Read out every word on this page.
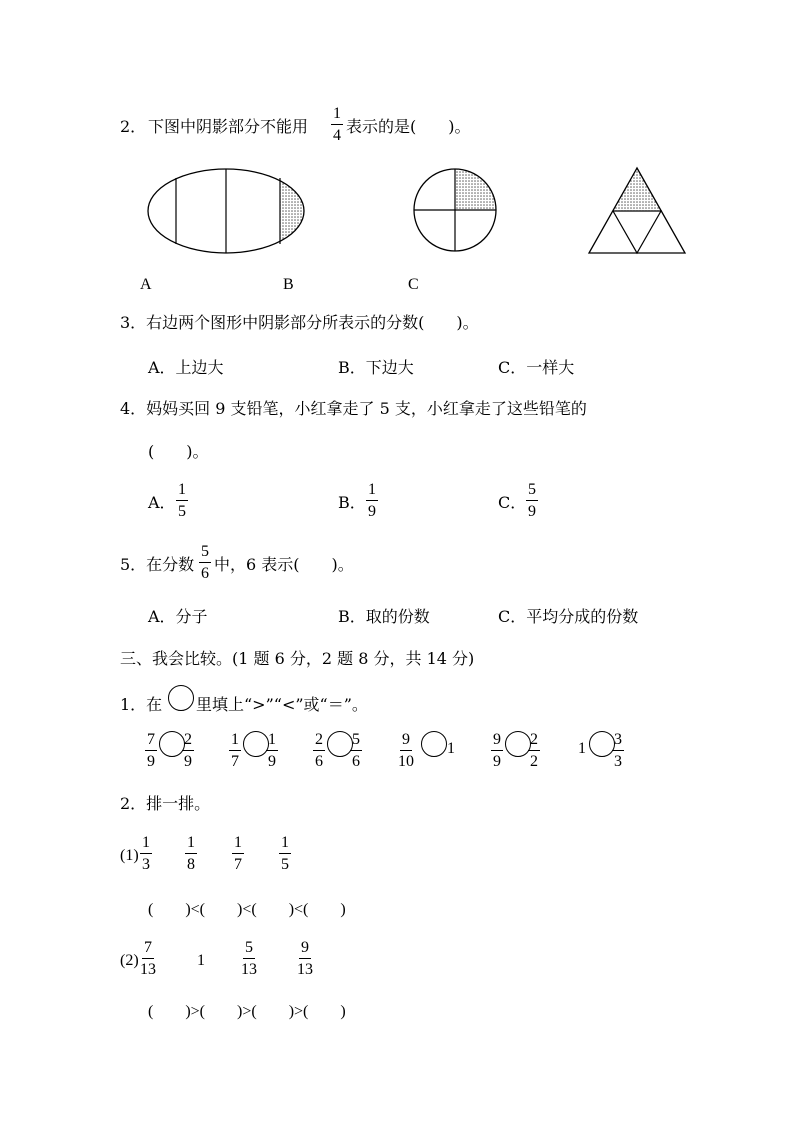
2． 下图中阴影部分不能用 $\frac{1}{4}$ 表示的是(　　)。
A	B	C
3．右边两个图形中阴影部分所表示的分数(　　)。
A．上边大	B．下边大	C．一样大
4．妈妈买回 9 支铅笔，小红拿走了 5 支，小红拿走了这些铅笔的
(　　)。
A． $\frac{1}{5}$	B． $\frac{1}{9}$	C． $\frac{5}{9}$
5．在分数 $\frac{5}{6}$ 中，6 表示(　　)。
A．分子	B．取的份数	C．平均分成的份数
三、我会比较。(1 题 6 分，2 题 8 分，共 14 分)
1．在 里填上“>”“<”或“＝”。
$\frac{7}{9} \frac{2}{9} \frac{1}{7} \frac{1}{9} \frac{2}{6} \frac{5}{6} \frac{9}{10} 1 \frac{9}{9} \frac{2}{2} 1 \frac{3}{3}$
2．排一排。
$(1) \frac{1}{3} \frac{1}{8} \frac{1}{7} \frac{1}{5}$
(　　)<(　　)<(　　)<(　　)
$(2) \frac{7}{13}$	$1 \frac{5}{13}$	$\frac{9}{13}$
(　　)>(　　)>(　　)>(　　)
